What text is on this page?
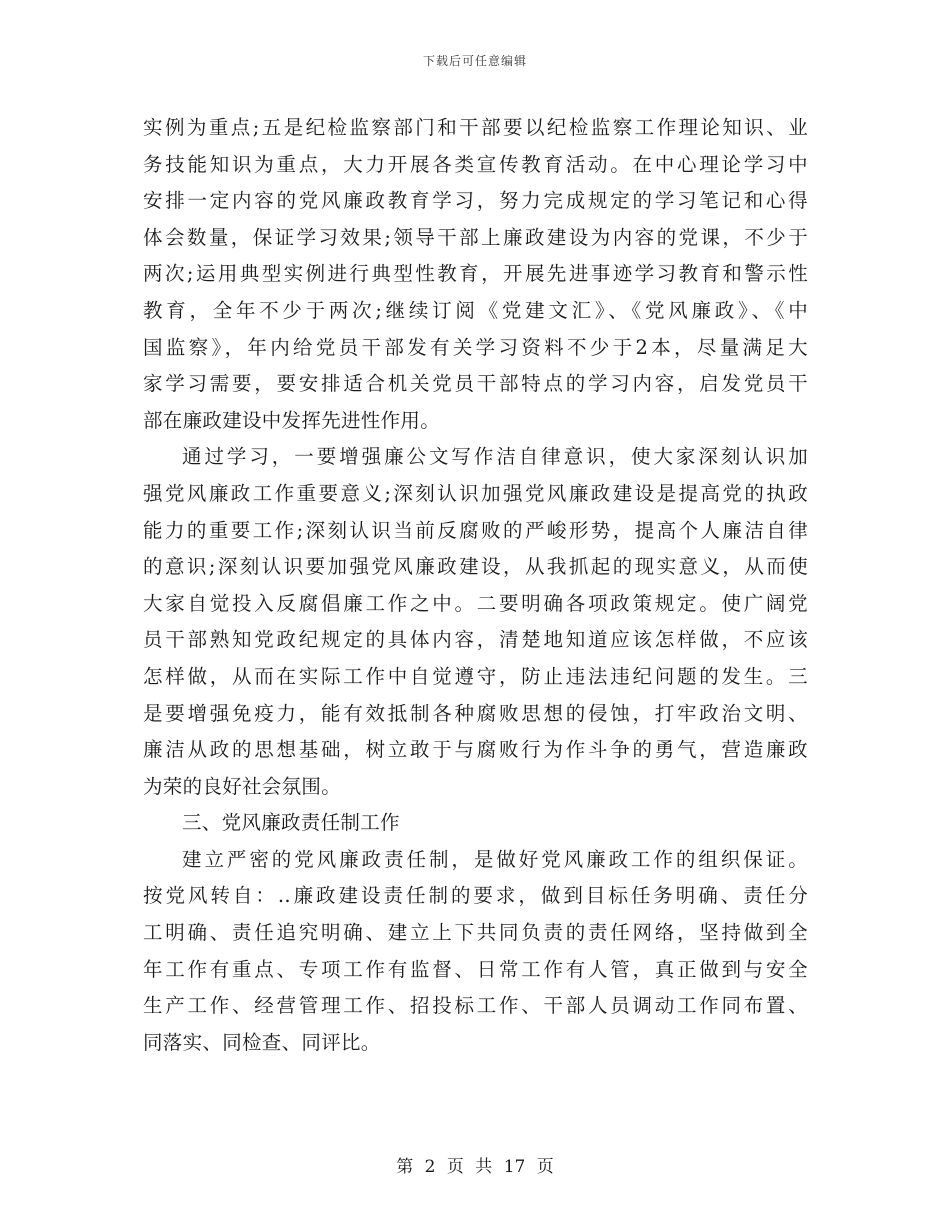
下载后可任意编辑
实例为重点;五是纪检监察部门和干部要以纪检监察工作理论知识、业
务技能知识为重点，大力开展各类宣传教育活动。在中心理论学习中
安排一定内容的党风廉政教育学习，努力完成规定的学习笔记和心得
体会数量，保证学习效果;领导干部上廉政建设为内容的党课，不少于
两次;运用典型实例进行典型性教育，开展先进事迹学习教育和警示性
教育，全年不少于两次;继续订阅《党建文汇》、《党风廉政》、《中
国监察》，年内给党员干部发有关学习资料不少于2本，尽量满足大
家学习需要，要安排适合机关党员干部特点的学习内容，启发党员干
部在廉政建设中发挥先进性作用。
通过学习，一要增强廉公文写作洁自律意识，使大家深刻认识加
强党风廉政工作重要意义;深刻认识加强党风廉政建设是提高党的执政
能力的重要工作;深刻认识当前反腐败的严峻形势，提高个人廉洁自律
的意识;深刻认识要加强党风廉政建设，从我抓起的现实意义，从而使
大家自觉投入反腐倡廉工作之中。二要明确各项政策规定。使广阔党
员干部熟知党政纪规定的具体内容，清楚地知道应该怎样做，不应该
怎样做，从而在实际工作中自觉遵守，防止违法违纪问题的发生。三
是要增强免疫力，能有效抵制各种腐败思想的侵蚀，打牢政治文明、
廉洁从政的思想基础，树立敢于与腐败行为作斗争的勇气，营造廉政
为荣的良好社会氛围。
三、党风廉政责任制工作
建立严密的党风廉政责任制，是做好党风廉政工作的组织保证。
按党风转自：..廉政建设责任制的要求，做到目标任务明确、责任分
工明确、责任追究明确、建立上下共同负责的责任网络，坚持做到全
年工作有重点、专项工作有监督、日常工作有人管，真正做到与安全
生产工作、经营管理工作、招投标工作、干部人员调动工作同布置、
同落实、同检查、同评比。
第 2 页 共 17 页
